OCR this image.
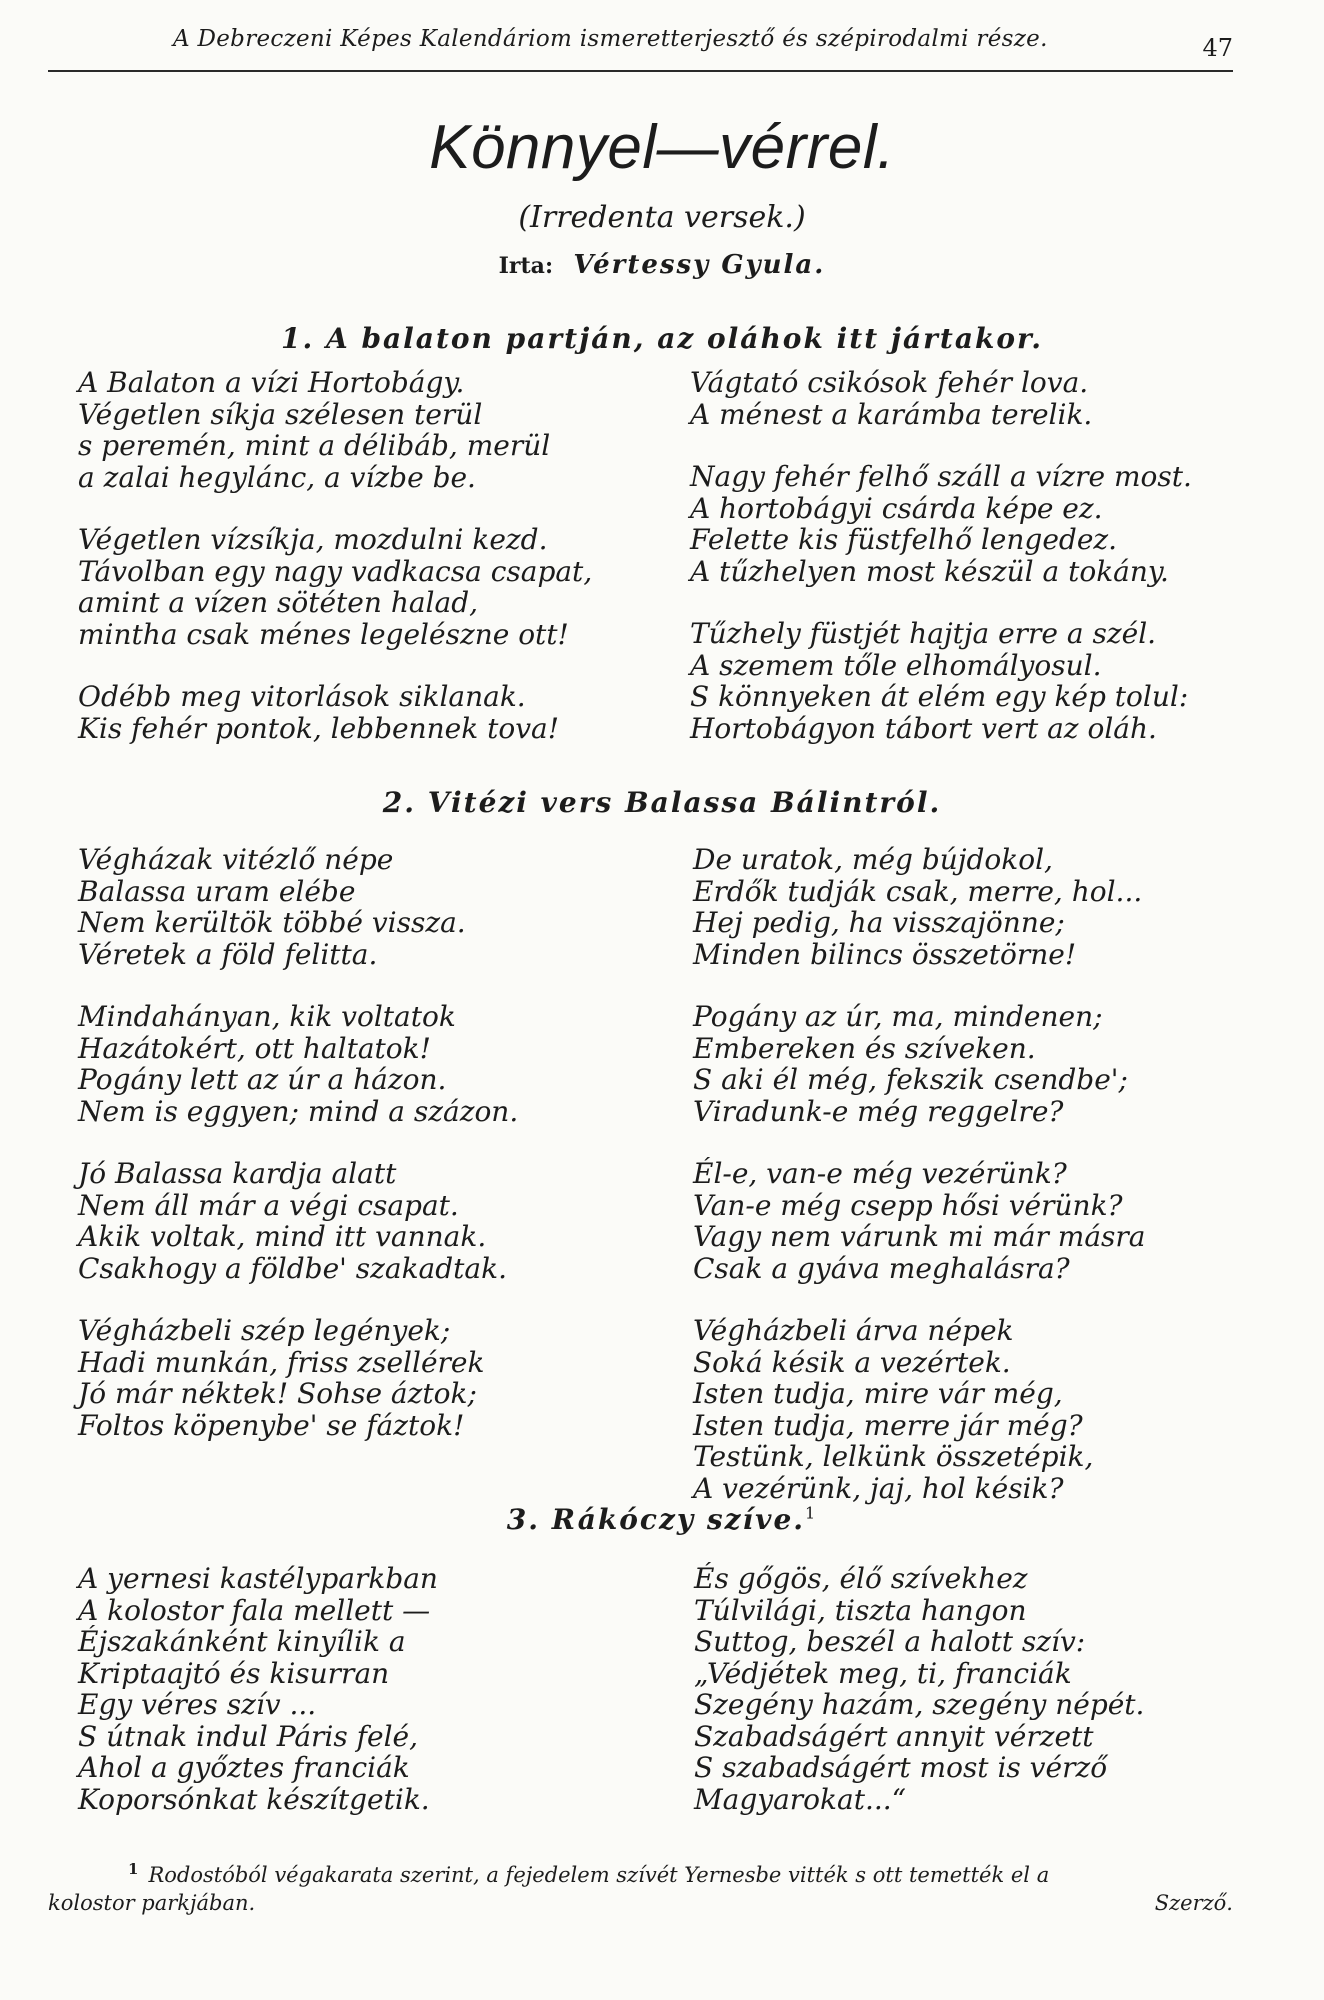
A Debreczeni Képes Kalendáriom ismeretterjesztő és szépirodalmi része.	47
Könnyel—vérrel.
(Irredenta versek.)
Irta: Vértessy Gyula.
1. A balaton partján, az oláhok itt jártakor.
A Balaton a vízi Hortobágy.
Végetlen síkja szélesen terül
s peremén, mint a délibáb, merül
a zalai hegylánc, a vízbe be.
Végetlen vízsíkja, mozdulni kezd.
Távolban egy nagy vadkacsa csapat,
amint a vízen sötéten halad,
mintha csak ménes legelészne ott!
Odébb meg vitorlások siklanak.
Kis fehér pontok, lebbennek tova!
Vágtató csikósok fehér lova.
A ménest a karámba terelik.
Nagy fehér felhő száll a vízre most.
A hortobágyi csárda képe ez.
Felette kis füstfelhő lengedez.
A tűzhelyen most készül a tokány.
Tűzhely füstjét hajtja erre a szél.
A szemem tőle elhomályosul.
S könnyeken át elém egy kép tolul:
Hortobágyon tábort vert az oláh.
2. Vitézi vers Balassa Bálintról.
Végházak vitézlő népe
Balassa uram elébe
Nem kerültök többé vissza.
Véretek a föld felitta.
Mindahányan, kik voltatok
Hazátokért, ott haltatok!
Pogány lett az úr a házon.
Nem is eggyen; mind a százon.
Jó Balassa kardja alatt
Nem áll már a végi csapat.
Akik voltak, mind itt vannak.
Csakhogy a földbe' szakadtak.
Végházbeli szép legények;
Hadi munkán, friss zsellérek
Jó már néktek! Sohse áztok;
Foltos köpenybe' se fáztok!
De uratok, még bújdokol,
Erdők tudják csak, merre, hol...
Hej pedig, ha visszajönne;
Minden bilincs összetörne!
Pogány az úr, ma, mindenen;
Embereken és szíveken.
S aki él még, fekszik csendbe';
Viradunk-e még reggelre?
Él-e, van-e még vezérünk?
Van-e még csepp hősi vérünk?
Vagy nem várunk mi már másra
Csak a gyáva meghalásra?
Végházbeli árva népek
Soká késik a vezértek.
Isten tudja, mire vár még,
Isten tudja, merre jár még?
Testünk, lelkünk összetépik,
A vezérünk, jaj, hol késik?
3. Rákóczy szíve.$^1$
A yernesi kastélyparkban
A kolostor fala mellett —
Éjszakánként kinyílik a
Kriptaajtó és kisurran
Egy véres szív ...
S útnak indul Páris felé,
Ahol a győztes franciák
Koporsónkat készítgetik.
És gőgös, élő szívekhez
Túlvilági, tiszta hangon
Suttog, beszél a halott szív:
„Védjétek meg, ti, franciák
Szegény hazám, szegény népét.
Szabadságért annyit vérzett
S szabadságért most is vérző
Magyarokat...“
$^1$ Rodostóból végakarata szerint, a fejedelem szívét Yernesbe vitték s ott temették el a
kolostor parkjában.	Szerző.
